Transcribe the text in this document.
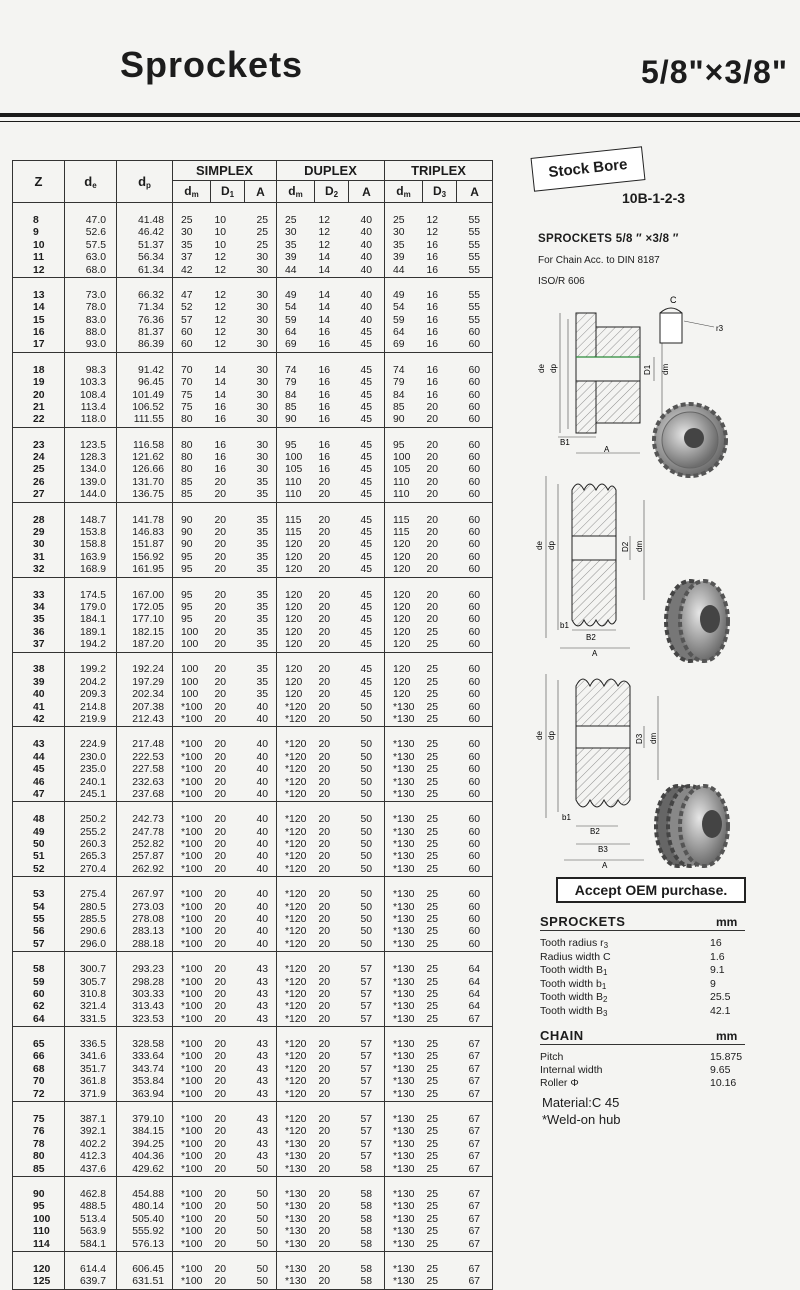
Sprockets	5/8"×3/8"
Z	$d_e$	$d_p$	SIMPLEX			DUPLEX			TRIPLEX		
			$d_m$	$D_1$	A	$d_m$	$D_2$	A	$d_m$	$D_3$	A

8	47.0	41.48	25	10	25	25	12	40	25	12	55
9	52.6	46.42	30	10	25	30	12	40	30	12	55
10	57.5	51.37	35	10	25	35	12	40	35	16	55
11	63.0	56.34	37	12	30	39	14	40	39	16	55
12	68.0	61.34	42	12	30	44	14	40	44	16	55

13	73.0	66.32	47	12	30	49	14	40	49	16	55
14	78.0	71.34	52	12	30	54	14	40	54	16	55
15	83.0	76.36	57	12	30	59	14	40	59	16	55
16	88.0	81.37	60	12	30	64	16	45	64	16	60
17	93.0	86.39	60	12	30	69	16	45	69	16	60

18	98.3	91.42	70	14	30	74	16	45	74	16	60
19	103.3	96.45	70	14	30	79	16	45	79	16	60
20	108.4	101.49	75	14	30	84	16	45	84	16	60
21	113.4	106.52	75	16	30	85	16	45	85	20	60
22	118.0	111.55	80	16	30	90	16	45	90	20	60

23	123.5	116.58	80	16	30	95	16	45	95	20	60
24	128.3	121.62	80	16	30	100	16	45	100	20	60
25	134.0	126.66	80	16	30	105	16	45	105	20	60
26	139.0	131.70	85	20	35	110	20	45	110	20	60
27	144.0	136.75	85	20	35	110	20	45	110	20	60

28	148.7	141.78	90	20	35	115	20	45	115	20	60
29	153.8	146.83	90	20	35	115	20	45	115	20	60
30	158.8	151.87	90	20	35	120	20	45	120	20	60
31	163.9	156.92	95	20	35	120	20	45	120	20	60
32	168.9	161.95	95	20	35	120	20	45	120	20	60

33	174.5	167.00	95	20	35	120	20	45	120	20	60
34	179.0	172.05	95	20	35	120	20	45	120	20	60
35	184.1	177.10	95	20	35	120	20	45	120	20	60
36	189.1	182.15	100	20	35	120	20	45	120	25	60
37	194.2	187.20	100	20	35	120	20	45	120	25	60

38	199.2	192.24	100	20	35	120	20	45	120	25	60
39	204.2	197.29	100	20	35	120	20	45	120	25	60
40	209.3	202.34	100	20	35	120	20	45	120	25	60
41	214.8	207.38	*100	20	40	*120	20	50	*130	25	60
42	219.9	212.43	*100	20	40	*120	20	50	*130	25	60

43	224.9	217.48	*100	20	40	*120	20	50	*130	25	60
44	230.0	222.53	*100	20	40	*120	20	50	*130	25	60
45	235.0	227.58	*100	20	40	*120	20	50	*130	25	60
46	240.1	232.63	*100	20	40	*120	20	50	*130	25	60
47	245.1	237.68	*100	20	40	*120	20	50	*130	25	60

48	250.2	242.73	*100	20	40	*120	20	50	*130	25	60
49	255.2	247.78	*100	20	40	*120	20	50	*130	25	60
50	260.3	252.82	*100	20	40	*120	20	50	*130	25	60
51	265.3	257.87	*100	20	40	*120	20	50	*130	25	60
52	270.4	262.92	*100	20	40	*120	20	50	*130	25	60

53	275.4	267.97	*100	20	40	*120	20	50	*130	25	60
54	280.5	273.03	*100	20	40	*120	20	50	*130	25	60
55	285.5	278.08	*100	20	40	*120	20	50	*130	25	60
56	290.6	283.13	*100	20	40	*120	20	50	*130	25	60
57	296.0	288.18	*100	20	40	*120	20	50	*130	25	60

58	300.7	293.23	*100	20	43	*120	20	57	*130	25	64
59	305.7	298.28	*100	20	43	*120	20	57	*130	25	64
60	310.8	303.33	*100	20	43	*120	20	57	*130	25	64
62	321.4	313.43	*100	20	43	*120	20	57	*130	25	64
64	331.5	323.53	*100	20	43	*120	20	57	*130	25	67

65	336.5	328.58	*100	20	43	*120	20	57	*130	25	67
66	341.6	333.64	*100	20	43	*120	20	57	*130	25	67
68	351.7	343.74	*100	20	43	*120	20	57	*130	25	67
70	361.8	353.84	*100	20	43	*120	20	57	*130	25	67
72	371.9	363.94	*100	20	43	*120	20	57	*130	25	67

75	387.1	379.10	*100	20	43	*120	20	57	*130	25	67
76	392.1	384.15	*100	20	43	*120	20	57	*130	25	67
78	402.2	394.25	*100	20	43	*130	20	57	*130	25	67
80	412.3	404.36	*100	20	43	*130	20	57	*130	25	67
85	437.6	429.62	*100	20	50	*130	20	58	*130	25	67

90	462.8	454.88	*100	20	50	*130	20	58	*130	25	67
95	488.5	480.14	*100	20	50	*130	20	58	*130	25	67
100	513.4	505.40	*100	20	50	*130	20	58	*130	25	67
110	563.9	555.92	*100	20	50	*130	20	58	*130	25	67
114	584.1	576.13	*100	20	50	*130	20	58	*130	25	67

120	614.4	606.45	*100	20	50	*130	20	58	*130	25	67
125	639.7	631.51	*100	20	50	*130	20	58	*130	25	67
Stock Bore
10B-1-2-3
SPROCKETS 5/8 ″ ×3/8 ″
For Chain Acc. to DIN 8187
ISO/R 606
de dp	D1 dm
B1
A
C
r3
de dp	D2 dm
b1
B2
A
de dp	D3 dm
b1
B2
B3
A
Accept OEM purchase.
SPROCKETS	mm
Tooth radius $r_3$	16
Radius width C	1.6
Tooth width $B_1$	9.1
Tooth width $b_1$	9
Tooth width $B_2$	25.5
Tooth width $B_3$	42.1
CHAIN	mm
Pitch	15.875
Internal width	9.65
Roller Φ	10.16
Material:C 45
*Weld-on hub
